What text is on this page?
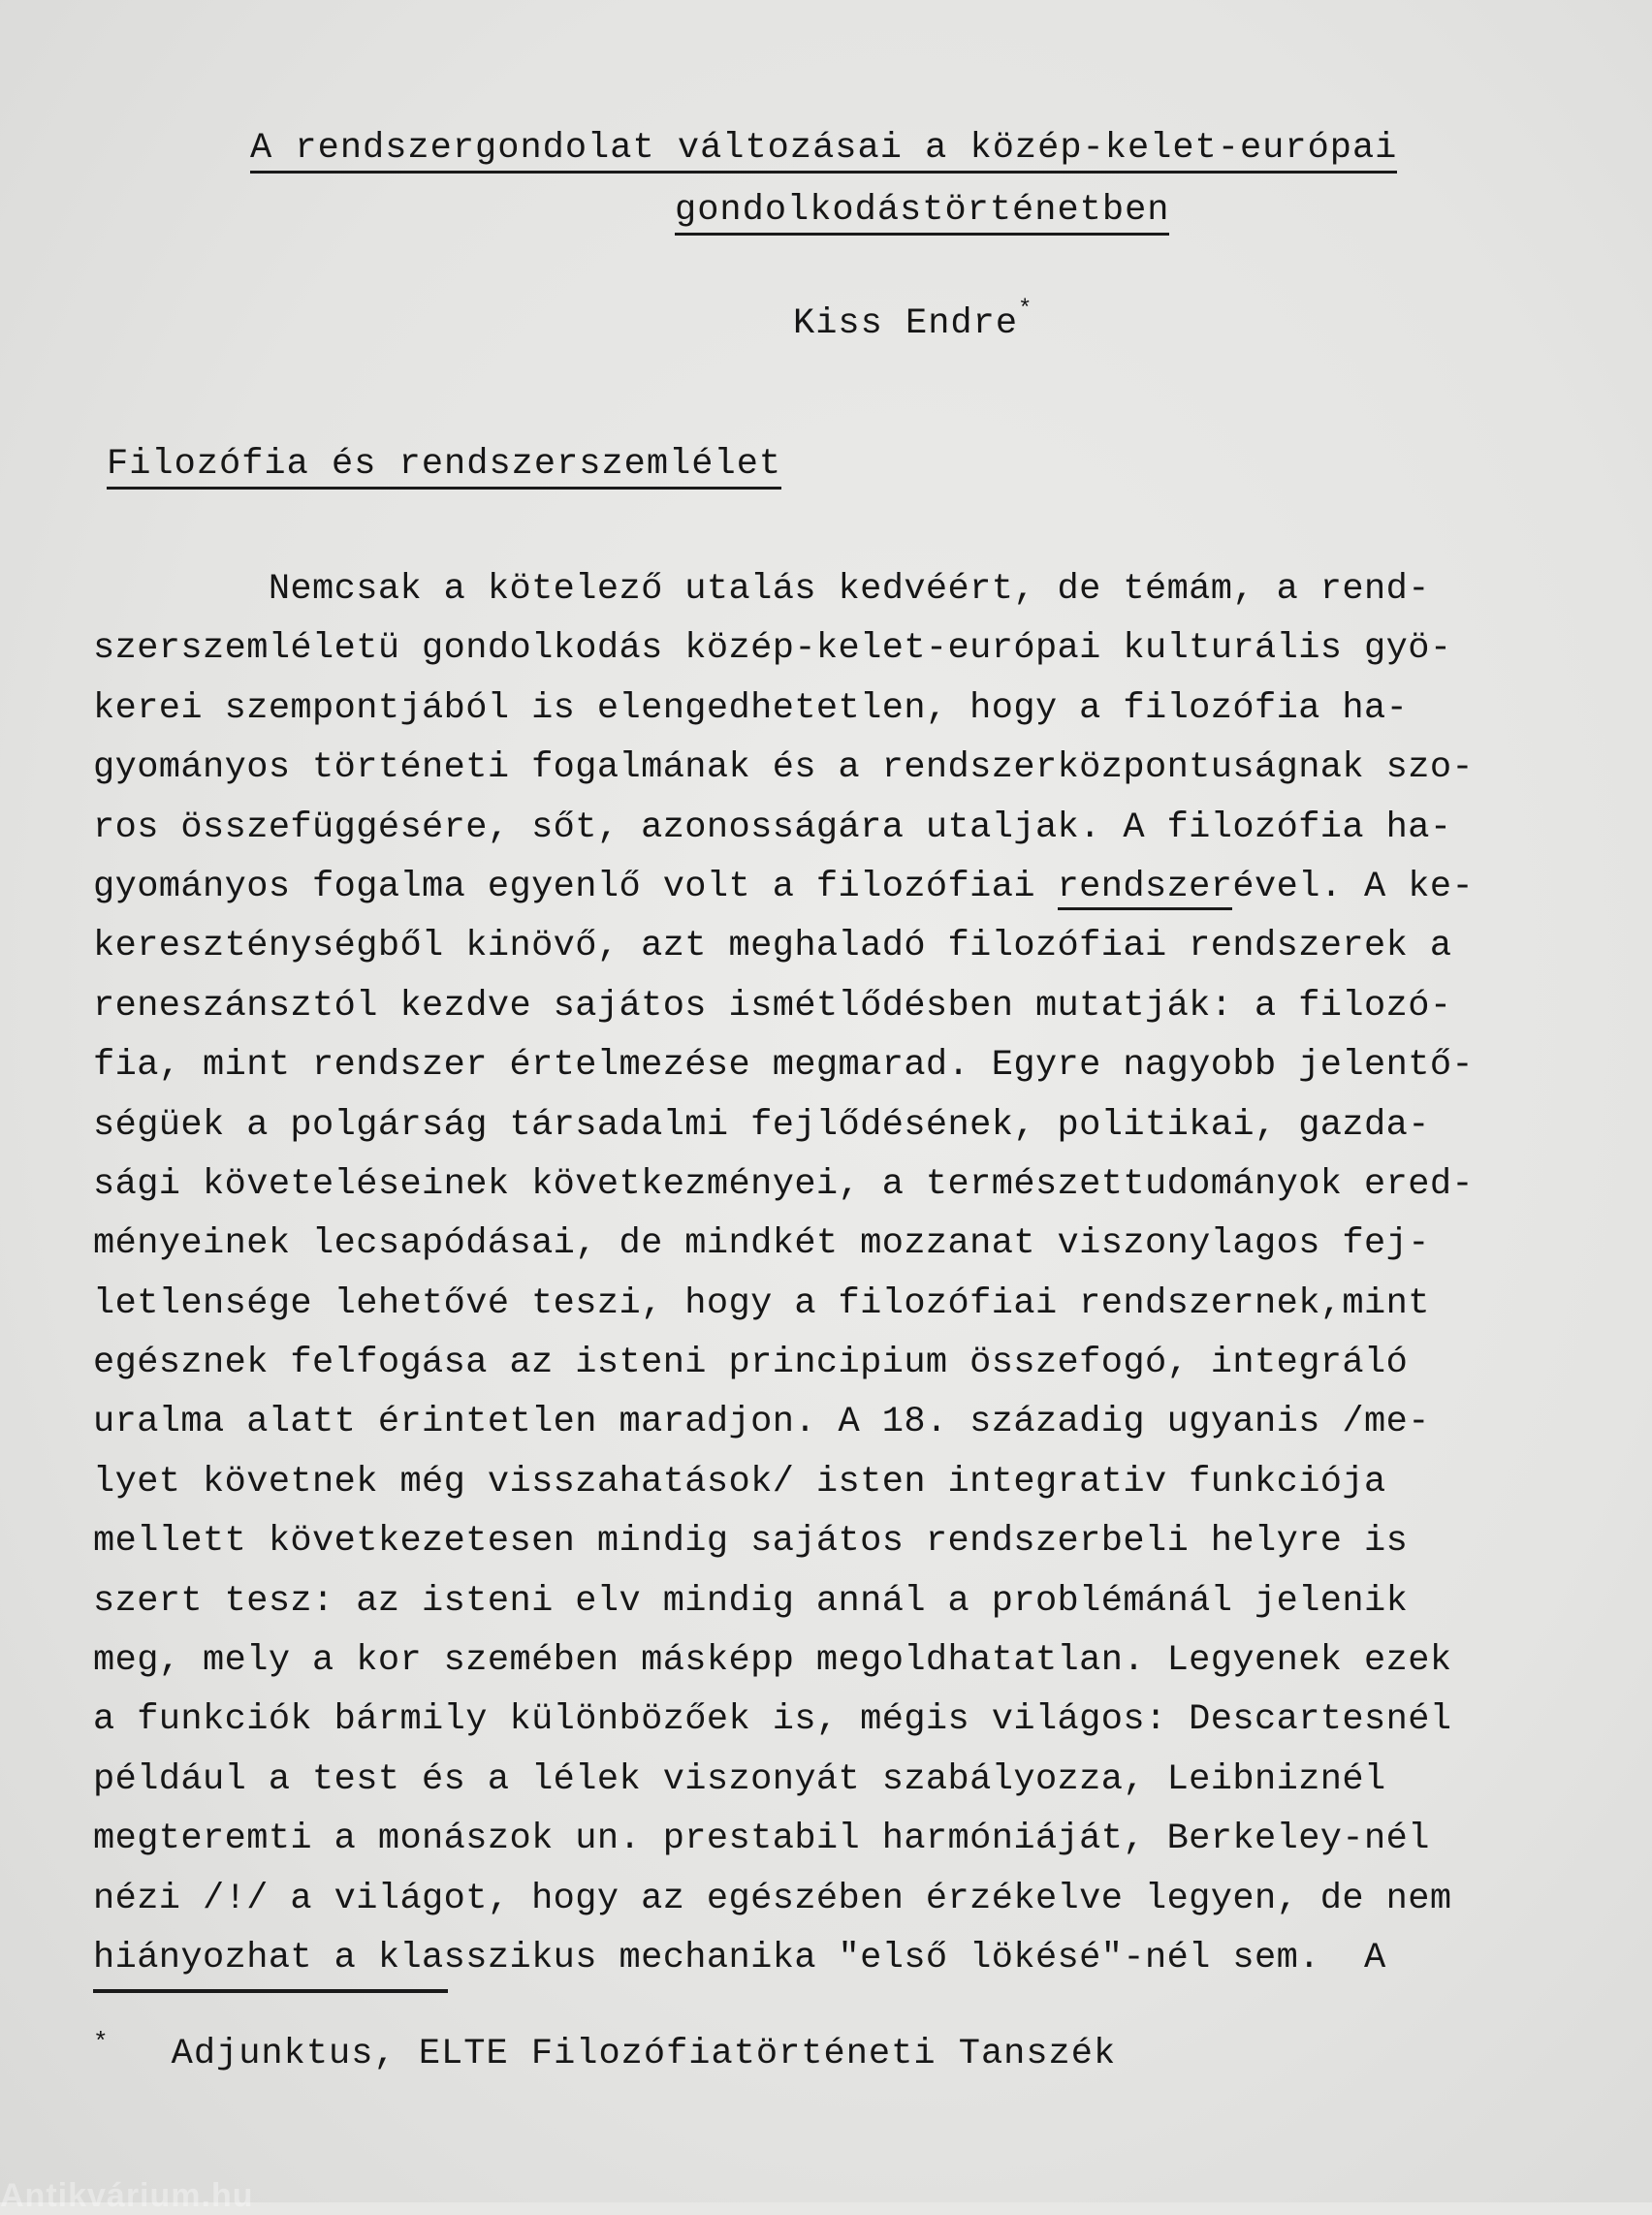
A rendszergondolat változásai a közép-kelet-európai
gondolkodástörténetben
Kiss Endre*
Filozófia és rendszerszemlélet
Nemcsak a kötelező utalás kedvéért, de témám, a rend-
szerszemléletü gondolkodás közép-kelet-európai kulturális gyö-
kerei szempontjából is elengedhetetlen, hogy a filozófia ha-
gyományos történeti fogalmának és a rendszerközpontuságnak szo-
ros összefüggésére, sőt, azonosságára utaljak. A filozófia ha-
gyományos fogalma egyenlő volt a filozófiai rendszerével. A ke-
kereszténységből kinövő, azt meghaladó filozófiai rendszerek a
reneszánsztól kezdve sajátos ismétlődésben mutatják: a filozó-
fia, mint rendszer értelmezése megmarad. Egyre nagyobb jelentő-
ségüek a polgárság társadalmi fejlődésének, politikai, gazda-
sági követeléseinek következményei, a természettudományok ered-
ményeinek lecsapódásai, de mindkét mozzanat viszonylagos fej-
letlensége lehetővé teszi, hogy a filozófiai rendszernek,mint
egésznek felfogása az isteni principium összefogó, integráló
uralma alatt érintetlen maradjon. A 18. századig ugyanis /me-
lyet követnek még visszahatások/ isten integrativ funkciója
mellett következetesen mindig sajátos rendszerbeli helyre is
szert tesz: az isteni elv mindig annál a problémánál jelenik
meg, mely a kor szemében másképp megoldhatatlan. Legyenek ezek
a funkciók bármily különbözőek is, mégis világos: Descartesnél
például a test és a lélek viszonyát szabályozza, Leibniznél
megteremti a monászok un. prestabil harmóniáját, Berkeley-nél
nézi /!/ a világot, hogy az egészében érzékelve legyen, de nem
hiányozhat a klasszikus mechanika "első lökésé"-nél sem.  A
* Adjunktus, ELTE Filozófiatörténeti Tanszék
Antikvárium.hu
